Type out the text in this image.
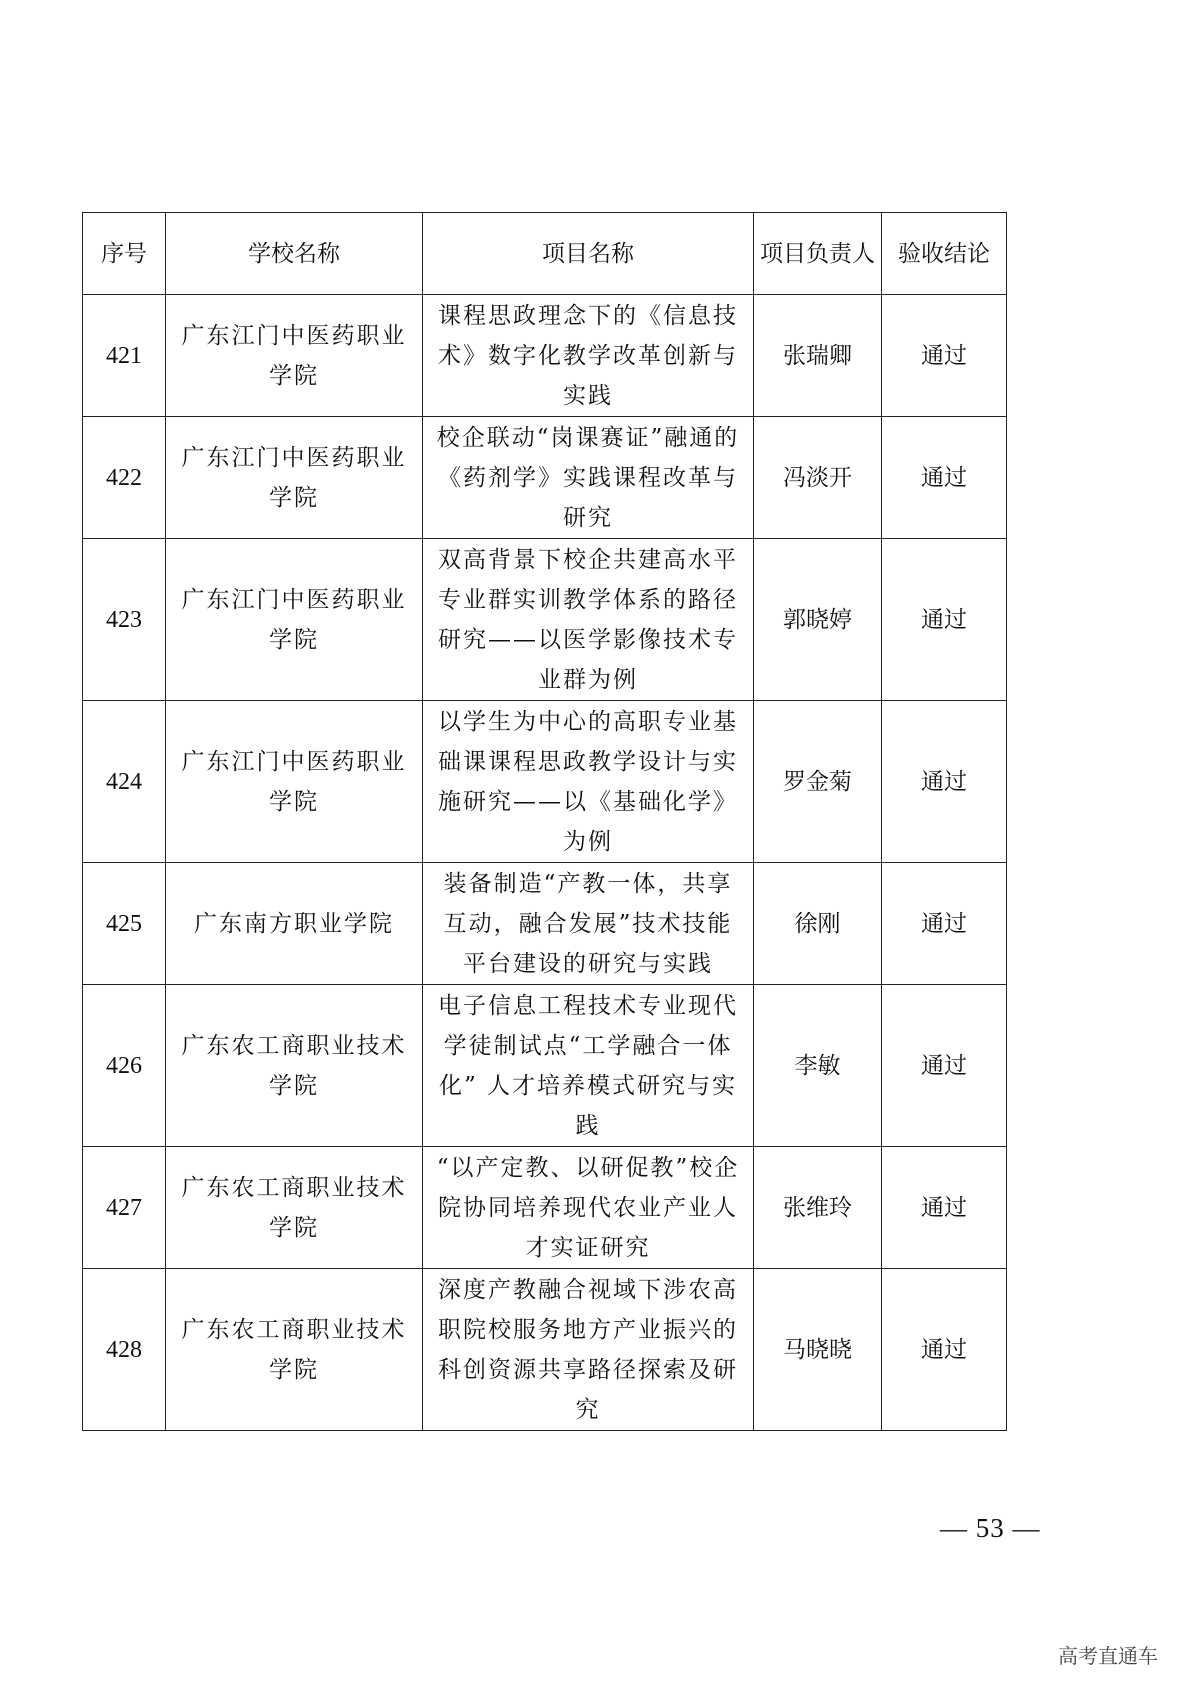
序号	学校名称	项目名称	项目负责人	验收结论
421	广东江门中医药职业学院	课程思政理念下的《信息技术》数字化教学改革创新与实践	张瑞卿	通过
422	广东江门中医药职业学院	校企联动“岗课赛证”融通的《药剂学》实践课程改革与研究	冯淡开	通过
423	广东江门中医药职业学院	双高背景下校企共建高水平专业群实训教学体系的路径研究——以医学影像技术专业群为例	郭晓婷	通过
424	广东江门中医药职业学院	以学生为中心的高职专业基础课课程思政教学设计与实施研究——以《基础化学》为例	罗金菊	通过
425	广东南方职业学院	装备制造“产教一体，共享互动，融合发展”技术技能平台建设的研究与实践	徐刚	通过
426	广东农工商职业技术学院	电子信息工程技术专业现代学徒制试点“工学融合一体化” 人才培养模式研究与实践	李敏	通过
427	广东农工商职业技术学院	“以产定教、以研促教”校企院协同培养现代农业产业人才实证研究	张维玲	通过
428	广东农工商职业技术学院	深度产教融合视域下涉农高职院校服务地方产业振兴的科创资源共享路径探索及研究	马晓晓	通过
— 53 —
高考直通车
